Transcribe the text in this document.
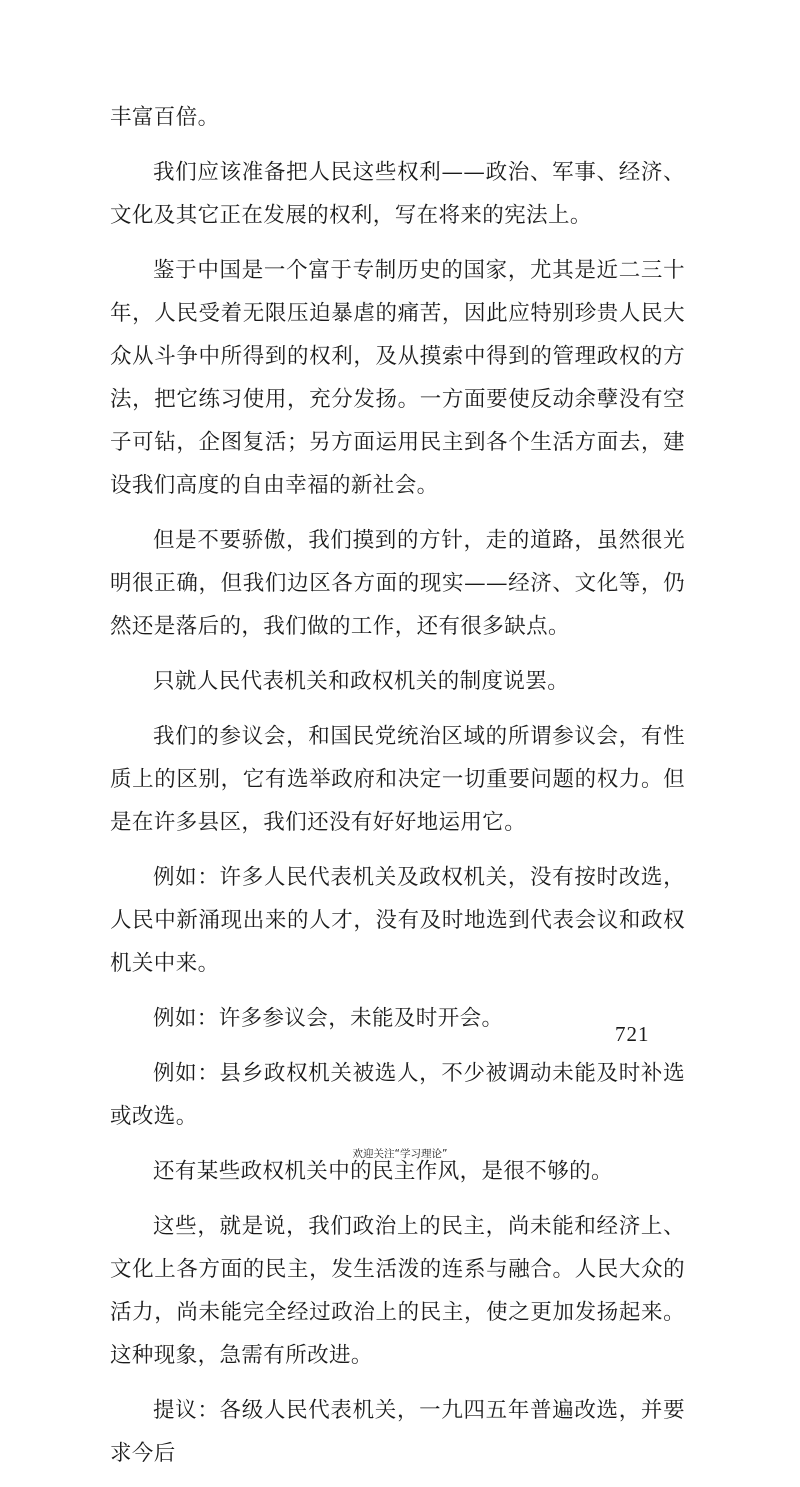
丰富百倍。

我们应该准备把人民这些权利——政治、军事、经济、文化及其它正在发展的权利，写在将来的宪法上。

鉴于中国是一个富于专制历史的国家，尤其是近二三十年，人民受着无限压迫暴虐的痛苦，因此应特别珍贵人民大众从斗争中所得到的权利，及从摸索中得到的管理政权的方法，把它练习使用，充分发扬。一方面要使反动余孽没有空子可钻，企图复活；另方面运用民主到各个生活方面去，建设我们高度的自由幸福的新社会。

但是不要骄傲，我们摸到的方针，走的道路，虽然很光明很正确，但我们边区各方面的现实——经济、文化等，仍然还是落后的，我们做的工作，还有很多缺点。

只就人民代表机关和政权机关的制度说罢。

我们的参议会，和国民党统治区域的所谓参议会，有性质上的区别，它有选举政府和决定一切重要问题的权力。但是在许多县区，我们还没有好好地运用它。

例如：许多人民代表机关及政权机关，没有按时改选，人民中新涌现出来的人才，没有及时地选到代表会议和政权机关中来。

例如：许多参议会，未能及时开会。

例如：县乡政权机关被选人，不少被调动未能及时补选或改选。

还有某些政权机关中的民主作风，是很不够的。

这些，就是说，我们政治上的民主，尚未能和经济上、文化上各方面的民主，发生活泼的连系与融合。人民大众的活力，尚未能完全经过政治上的民主，使之更加发扬起来。这种现象，急需有所改进。

提议：各级人民代表机关，一九四五年普遍改选，并要求今后

721
欢迎关注“学习理论”
